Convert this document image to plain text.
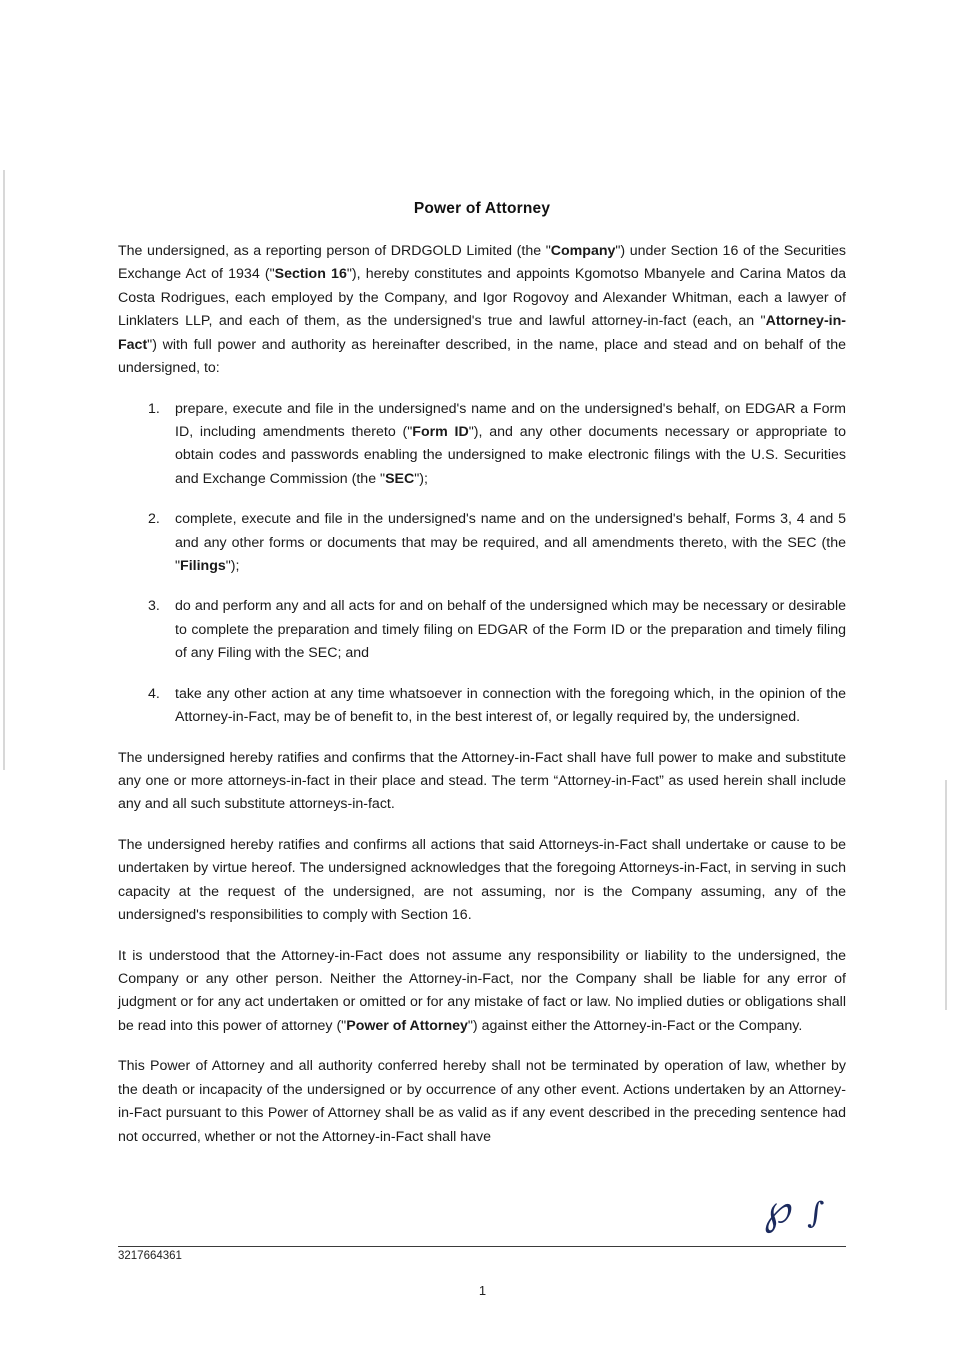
Power of Attorney

The undersigned, as a reporting person of DRDGOLD Limited (the "Company") under Section 16 of the Securities Exchange Act of 1934 ("Section 16"), hereby constitutes and appoints Kgomotso Mbanyele and Carina Matos da Costa Rodrigues, each employed by the Company, and Igor Rogovoy and Alexander Whitman, each a lawyer of Linklaters LLP, and each of them, as the undersigned's true and lawful attorney-in-fact (each, an "Attorney-in-Fact") with full power and authority as hereinafter described, in the name, place and stead and on behalf of the undersigned, to:

1.	prepare, execute and file in the undersigned's name and on the undersigned's behalf, on EDGAR a Form ID, including amendments thereto ("Form ID"), and any other documents necessary or appropriate to obtain codes and passwords enabling the undersigned to make electronic filings with the U.S. Securities and Exchange Commission (the "SEC");
2.	complete, execute and file in the undersigned's name and on the undersigned's behalf, Forms 3, 4 and 5 and any other forms or documents that may be required, and all amendments thereto, with the SEC (the "Filings");
3.	do and perform any and all acts for and on behalf of the undersigned which may be necessary or desirable to complete the preparation and timely filing on EDGAR of the Form ID or the preparation and timely filing of any Filing with the SEC; and
4.	take any other action at any time whatsoever in connection with the foregoing which, in the opinion of the Attorney-in-Fact, may be of benefit to, in the best interest of, or legally required by, the undersigned.

The undersigned hereby ratifies and confirms that the Attorney-in-Fact shall have full power to make and substitute any one or more attorneys-in-fact in their place and stead. The term “Attorney-in-Fact” as used herein shall include any and all such substitute attorneys-in-fact.

The undersigned hereby ratifies and confirms all actions that said Attorneys-in-Fact shall undertake or cause to be undertaken by virtue hereof. The undersigned acknowledges that the foregoing Attorneys-in-Fact, in serving in such capacity at the request of the undersigned, are not assuming, nor is the Company assuming, any of the undersigned's responsibilities to comply with Section 16.

It is understood that the Attorney-in-Fact does not assume any responsibility or liability to the undersigned, the Company or any other person. Neither the Attorney-in-Fact, nor the Company shall be liable for any error of judgment or for any act undertaken or omitted or for any mistake of fact or law. No implied duties or obligations shall be read into this power of attorney ("Power of Attorney") against either the Attorney-in-Fact or the Company.

This Power of Attorney and all authority conferred hereby shall not be terminated by operation of law, whether by the death or incapacity of the undersigned or by occurrence of any other event. Actions undertaken by an Attorney-in-Fact pursuant to this Power of Attorney shall be as valid as if any event described in the preceding sentence had not occurred, whether or not the Attorney-in-Fact shall have

℘ ∫
3217664361
1
